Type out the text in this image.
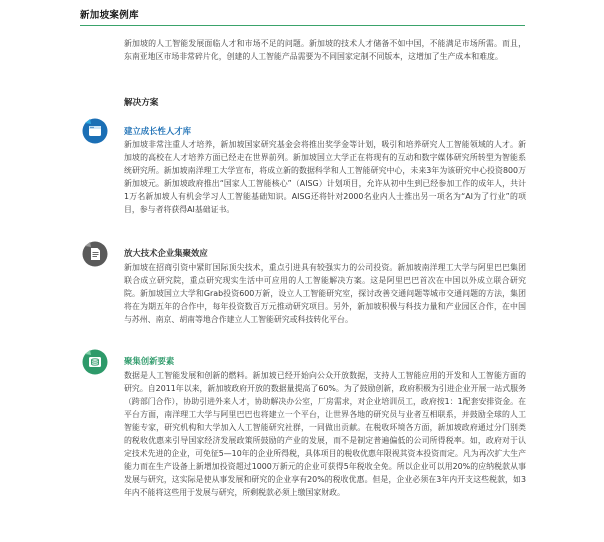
新加坡案例库

新加坡的人工智能发展面临人才和市场不足的问题。新加坡的技术人才储备不如中国，不能满足市场所需。而且，东南亚地区市场非常碎片化，创建的人工智能产品需要为不同国家定制不同版本，这增加了生产成本和难度。

解决方案
建立成长性人才库

新加坡非常注重人才培养，新加坡国家研究基金会将推出奖学金等计划，吸引和培养研究人工智能领域的人才。新加坡的高校在人才培养方面已经走在世界前列。新加坡国立大学正在将现有的互动和数字媒体研究所转型为智能系统研究所。新加坡南洋理工大学宣布，将成立新的数据科学和人工智能研究中心，未来3年为该研究中心投资800万新加坡元。新加坡政府推出“国家人工智能核心”（AISG）计划项目，允许从初中生到已经参加工作的成年人，共计1万名新加坡人有机会学习人工智能基础知识。AISG还将针对2000名业内人士推出另一项名为“AI为了行业”的项目，参与者将获得AI基础证书。

放大技术企业集聚效应

新加坡在招商引资中紧盯国际顶尖技术，重点引进具有较强实力的公司投资。新加坡南洋理工大学与阿里巴巴集团联合成立研究院，重点研究现实生活中可应用的人工智能解决方案。这是阿里巴巴首次在中国以外成立联合研究院。新加坡国立大学和Grab投资600万新，设立人工智能研究室，探讨改善交通问题等城市交通问题的方法，集团将在为期五年的合作中，每年投资数百万元推动研究项目。另外，新加坡积极与科技力量和产业园区合作，在中国与苏州、南京、胡南等地合作建立人工智能研究或科技转化平台。

聚集创新要素

数据是人工智能发展和创新的燃料。新加坡已经开始向公众开放数据，支持人工智能应用的开发和人工智能方面的研究。自2011年以来，新加坡政府开放的数据量提高了60%。为了鼓励创新，政府积极为引进企业开展一站式服务（跨部门合作），协助引进外来人才，协助解决办公室，厂房需求，对企业培训员工，政府按1：1配套安排资金。在平台方面，南洋理工大学与阿里巴巴也将建立一个平台，让世界各地的研究员与业者互相联系，并鼓励全球的人工智能专家，研究机构和大学加入人工智能研究社群，一同做出贡献。在税收环境各方面，新加坡政府通过分门别类的税收优惠来引导国家经济发展政策所鼓励的产业的发展，而不是制定普遍偏低的公司所得税率。如，政府对于认定技术先进的企业，可免征5—10年的企业所得税，具体项目的税收优惠年限视其资本投资而定。凡为再次扩大生产能力而在生产设备上新增加投资超过1000万新元的企业可获得5年税收全免。所以企业可以用20%的应纳税款从事发展与研究，这实际是使从事发展和研究的企业享有20%的税收优惠。但是，企业必须在3年内开支这些税款，如3年内不能将这些用于发展与研究，所剩税款必须上缴国家财政。
